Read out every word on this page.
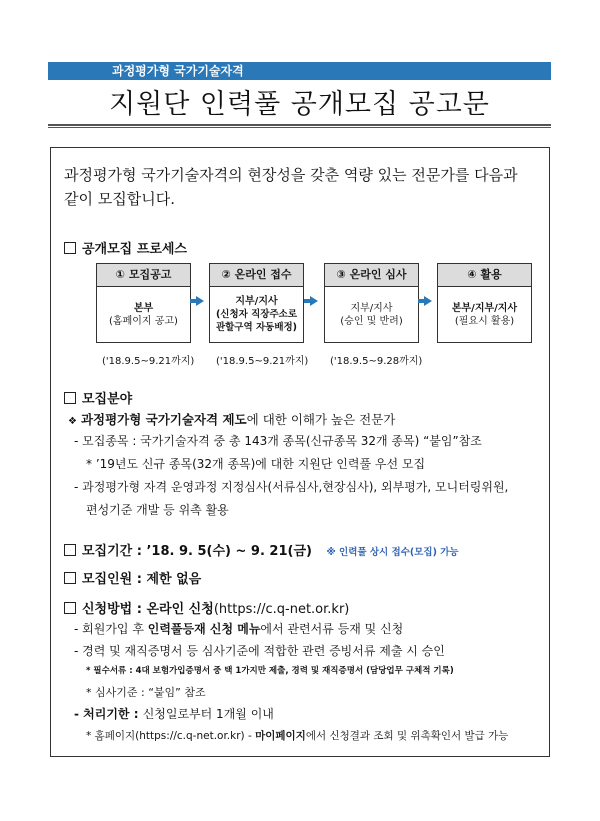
과정평가형 국가기술자격
지원단 인력풀 공개모집 공고문
과정평가형 국가기술자격의 현장성을 갖춘 역량 있는 전문가를 다음과 같이 모집합니다.
공개모집 프로세스
① 모집공고
본부
(홈페이지 공고)
('18.9.5~9.21까지)
② 온라인 접수
지부/지사
(신청자 직장주소로
관할구역 자동배정)
('18.9.5~9.21까지)
③ 온라인 심사
지부/지사
(승인 및 반려)
('18.9.5~9.28까지)
④ 활용
본부/지부/지사
(필요시 활용)
모집분야
❖ 과정평가형 국가기술자격 제도에 대한 이해가 높은 전문가
- 모집종목 : 국가기술자격 중 총 143개 종목(신규종목 32개 종목) “붙임”참조
* ’19년도 신규 종목(32개 종목)에 대한 지원단 인력풀 우선 모집
- 과정평가형 자격 운영과정 지정심사(서류심사,현장심사), 외부평가, 모니터링위원,
편성기준 개발 등 위촉 활용
모집기간 : ’18. 9. 5(수) ~ 9. 21(금) ※ 인력풀 상시 접수(모집) 가능
모집인원 : 제한 없음
신청방법 : 온라인 신청(https://c.q-net.or.kr)
- 회원가입 후 인력풀등재 신청 메뉴에서 관련서류 등재 및 신청
- 경력 및 재직증명서 등 심사기준에 적합한 관련 증빙서류 제출 시 승인
* 필수서류 : 4대 보험가입증명서 중 택 1가지만 제출, 경력 및 재직증명서 (담당업무 구체적 기록)
* 심사기준 : “붙임” 참조
- 처리기한 : 신청일로부터 1개월 이내
* 홈페이지(https://c.q-net.or.kr) - 마이페이지에서 신청결과 조회 및 위촉확인서 발급 가능
